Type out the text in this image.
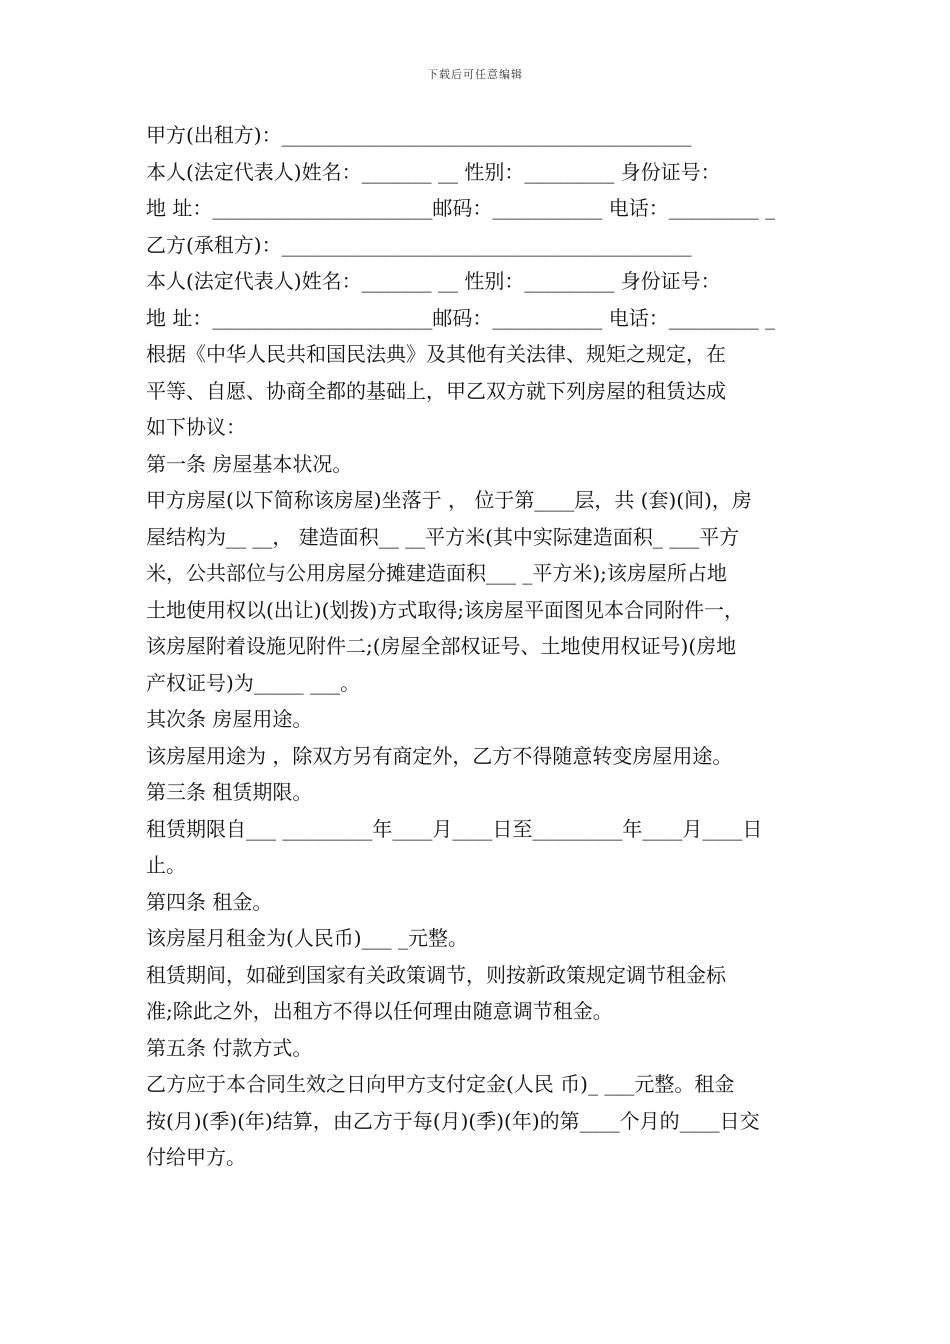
下载后可任意编辑
甲方(出租方)：_________________________________________
本人(法定代表人)姓名：_______ __ 性别：_________ 身份证号：
地 址：______________________邮码：___________ 电话：_________ _
乙方(承租方)：_________________________________________
本人(法定代表人)姓名：_______ __ 性别：_________ 身份证号：
地 址：______________________邮码：___________ 电话：_________ _
根据《中华人民共和国民法典》及其他有关法律、规矩之规定，在
平等、自愿、协商全都的基础上，甲乙双方就下列房屋的租赁达成
如下协议：
第一条 房屋基本状况。
甲方房屋(以下简称该房屋)坐落于 ， 位于第____层，共 (套)(间)，房
屋结构为__ __， 建造面积__ __平方米(其中实际建造面积_ ___平方
米，公共部位与公用房屋分摊建造面积___ _平方米);该房屋所占地
土地使用权以(出让)(划拨)方式取得;该房屋平面图见本合同附件一，
该房屋附着设施见附件二;(房屋全部权证号、土地使用权证号)(房地
产权证号)为_____ ___。
其次条 房屋用途。
该房屋用途为 ，除双方另有商定外，乙方不得随意转变房屋用途。
第三条 租赁期限。
租赁期限自___ _________年____月____日至_________年____月____日
止。
第四条 租金。
该房屋月租金为(人民币)___ _元整。
租赁期间，如碰到国家有关政策调节，则按新政策规定调节租金标
准;除此之外，出租方不得以任何理由随意调节租金。
第五条 付款方式。
乙方应于本合同生效之日向甲方支付定金(人民 币)_ ___元整。租金
按(月)(季)(年)结算，由乙方于每(月)(季)(年)的第____个月的____日交
付给甲方。
